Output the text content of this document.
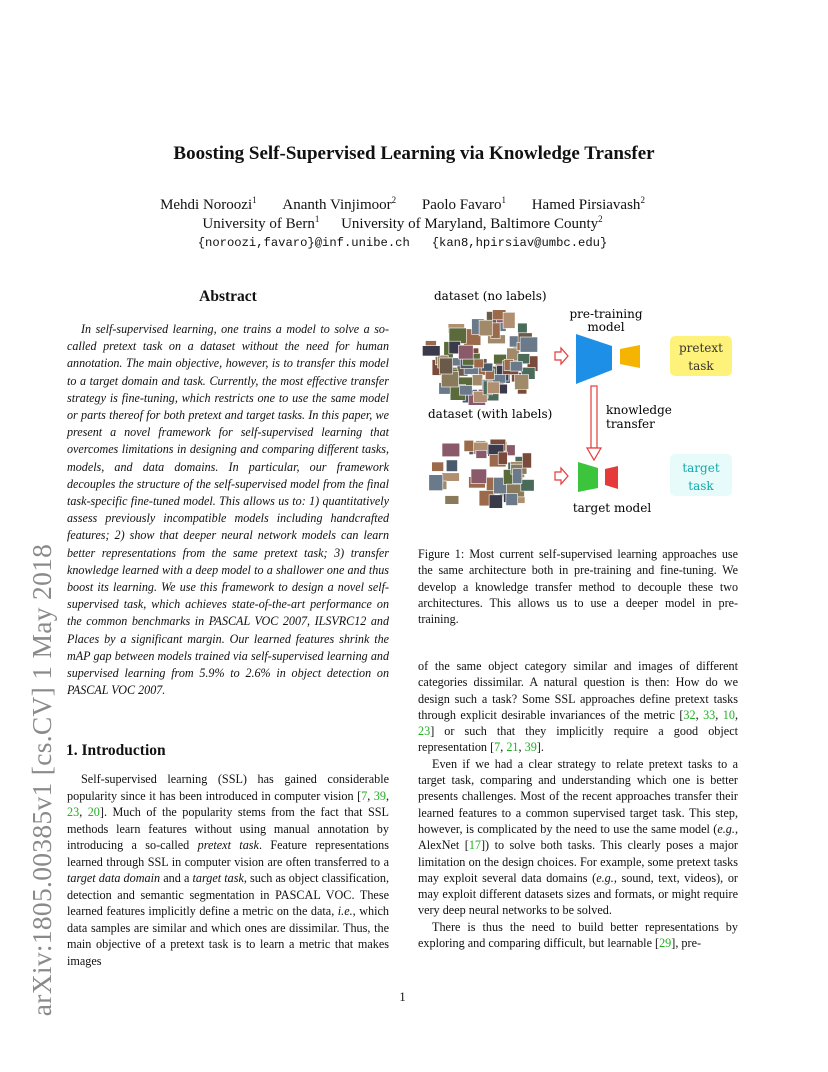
arXiv:1805.00385v1 [cs.CV] 1 May 2018
Boosting Self-Supervised Learning via Knowledge Transfer
Mehdi Noroozi$^1$ Ananth Vinjimoor$^2$ Paolo Favaro$^1$ Hamed Pirsiavash$^2$
University of Bern$^1$ University of Maryland, Baltimore County$^2$
{noroozi,favaro}@inf.unibe.ch   {kan8,hpirsiav@umbc.edu}
Abstract
In self-supervised learning, one trains a model to solve a so-called pretext task on a dataset without the need for human annotation. The main objective, however, is to transfer this model to a target domain and task. Currently, the most effective transfer strategy is fine-tuning, which restricts one to use the same model or parts thereof for both pretext and target tasks. In this paper, we present a novel framework for self-supervised learning that overcomes limitations in designing and comparing different tasks, models, and data domains. In particular, our framework decouples the structure of the self-supervised model from the final task-specific fine-tuned model. This allows us to: 1) quantitatively assess previously incompatible models including handcrafted features; 2) show that deeper neural network models can learn better representations from the same pretext task; 3) transfer knowledge learned with a deep model to a shallower one and thus boost its learning. We use this framework to design a novel self-supervised task, which achieves state-of-the-art performance on the common benchmarks in PASCAL VOC 2007, ILSVRC12 and Places by a significant margin. Our learned features shrink the mAP gap between models trained via self-supervised learning and supervised learning from 5.9% to 2.6% in object detection on PASCAL VOC 2007.
dataset (no labels)
dataset (with labels)
pre-training
model
pretext
task
knowledge
transfer
target model
target
task
Figure 1: Most current self-supervised learning approaches use the same architecture both in pre-training and fine-tuning. We develop a knowledge transfer method to decouple these two architectures. This allows us to use a deeper model in pre-training.
1. Introduction
Self-supervised learning (SSL) has gained considerable popularity since it has been introduced in computer vision [7, 39, 23, 20]. Much of the popularity stems from the fact that SSL methods learn features without using manual annotation by introducing a so-called pretext task. Feature representations learned through SSL in computer vision are often transferred to a target data domain and a target task, such as object classification, detection and semantic segmentation in PASCAL VOC. These learned features implicitly define a metric on the data, i.e., which data samples are similar and which ones are dissimilar. Thus, the main objective of a pretext task is to learn a metric that makes images

of the same object category similar and images of different categories dissimilar. A natural question is then: How do we design such a task? Some SSL approaches define pretext tasks through explicit desirable invariances of the metric [32, 33, 10, 23] or such that they implicitly require a good object representation [7, 21, 39].

Even if we had a clear strategy to relate pretext tasks to a target task, comparing and understanding which one is better presents challenges. Most of the recent approaches transfer their learned features to a common supervised target task. This step, however, is complicated by the need to use the same model (e.g., AlexNet [17]) to solve both tasks. This clearly poses a major limitation on the design choices. For example, some pretext tasks may exploit several data domains (e.g., sound, text, videos), or may exploit different datasets sizes and formats, or might require very deep neural networks to be solved.

There is thus the need to build better representations by exploring and comparing difficult, but learnable [29], pre-

1
